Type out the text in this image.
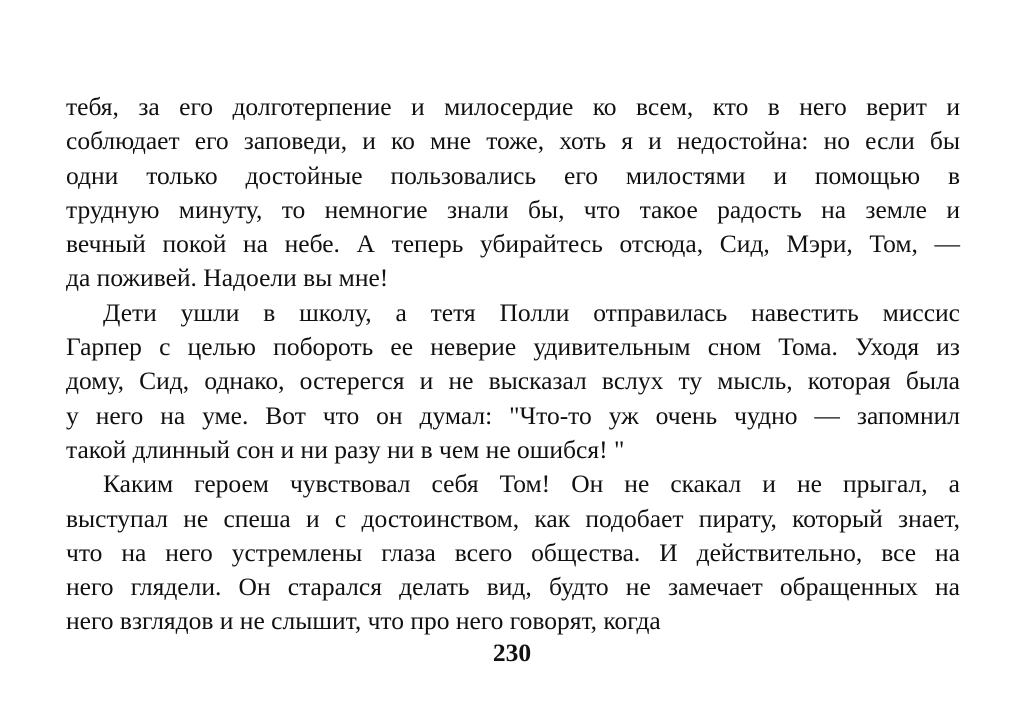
тебя, за его долготерпение и милосердие ко всем, кто в него верит и
соблюдает его заповеди, и ко мне тоже, хоть я и недостойна: но если бы
одни только достойные пользовались его милостями и помощью в
трудную минуту, то немногие знали бы, что такое радость на земле и
вечный покой на небе. А теперь убирайтесь отсюда, Сид, Мэри, Том, —
да поживей. Надоели вы мне!
Дети ушли в школу, а тетя Полли отправилась навестить миссис
Гарпер с целью побороть ее неверие удивительным сном Тома. Уходя из
дому, Сид, однако, остерегся и не высказал вслух ту мысль, которая была
у него на уме. Вот что он думал: "Что-то уж очень чудно — запомнил
такой длинный сон и ни разу ни в чем не ошибся! "
Каким героем чувствовал себя Том! Он не скакал и не прыгал, а
выступал не спеша и с достоинством, как подобает пирату, который знает,
что на него устремлены глаза всего общества. И действительно, все на
него глядели. Он старался делать вид, будто не замечает обращенных на
него взглядов и не слышит, что про него говорят, когда
230
